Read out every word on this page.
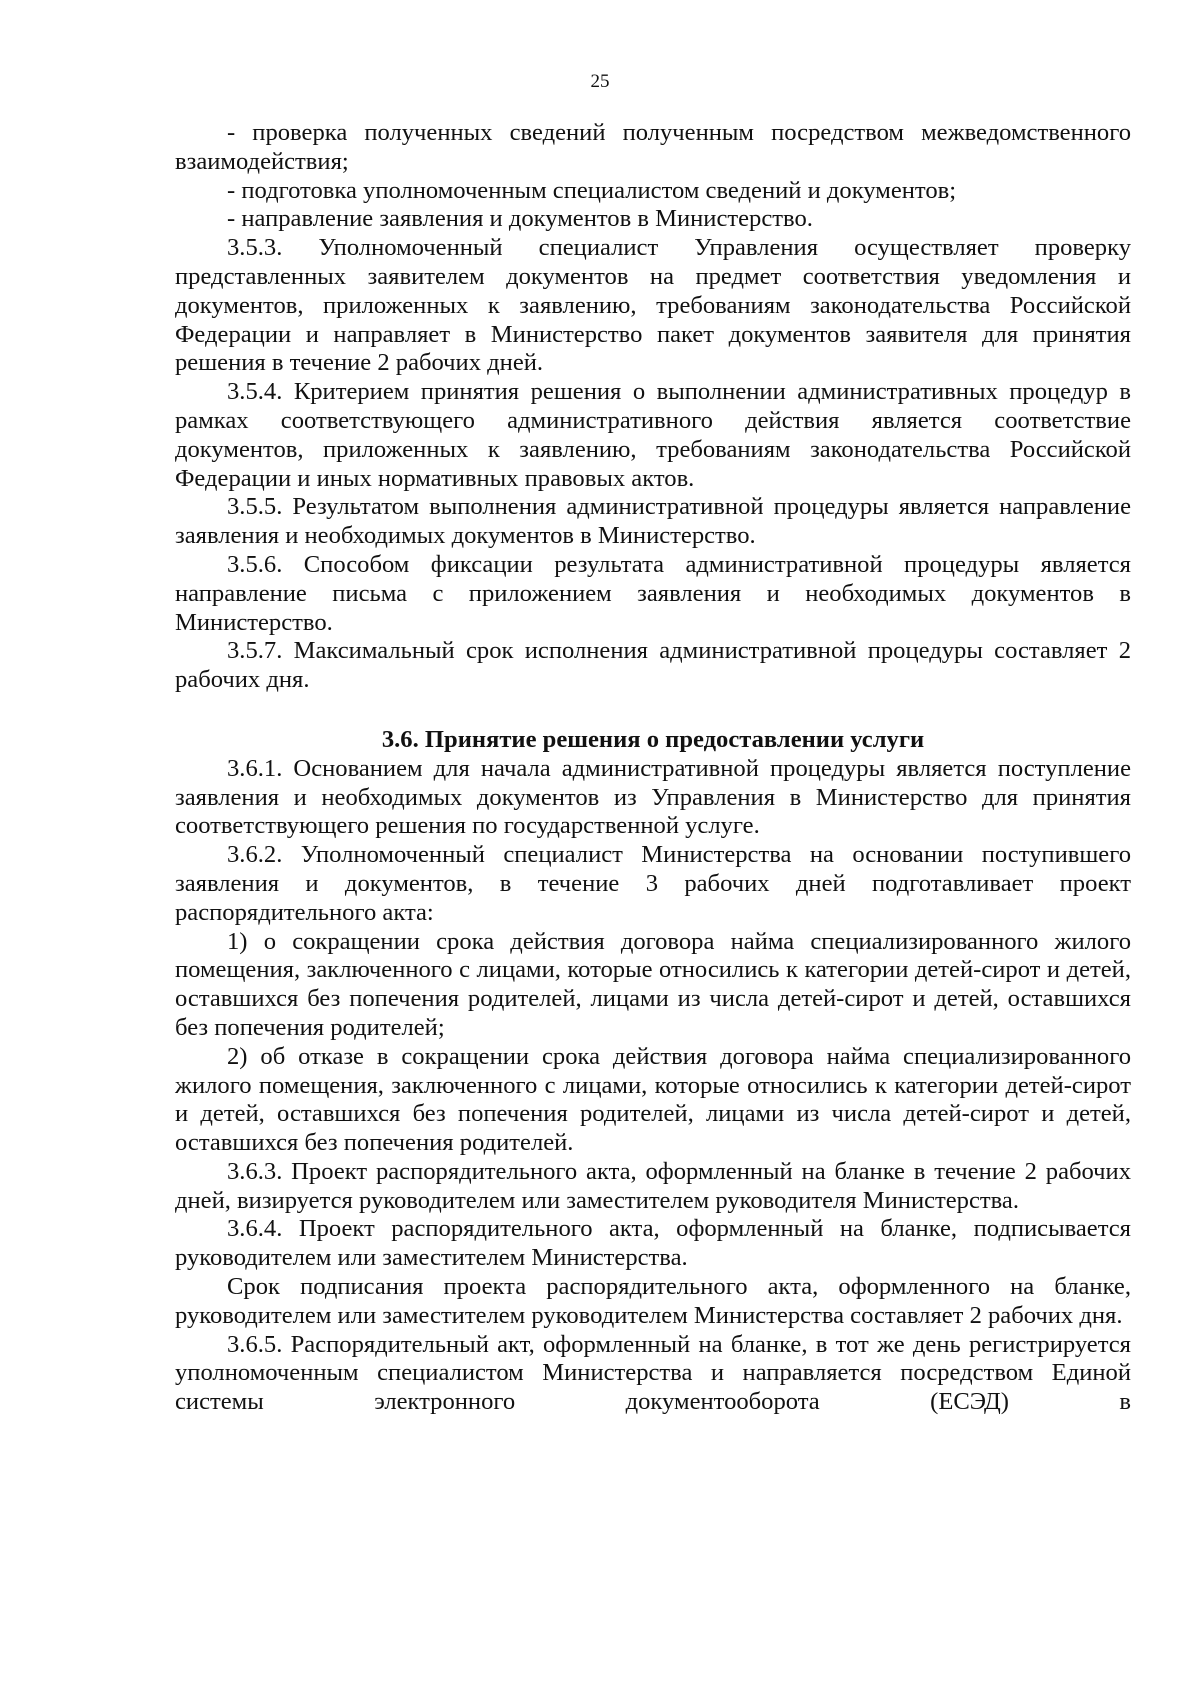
25

- проверка полученных сведений полученным посредством межведомственного взаимодействия;

- подготовка уполномоченным специалистом сведений и документов;

- направление заявления и документов в Министерство.

3.5.3. Уполномоченный специалист Управления осуществляет проверку представленных заявителем документов на предмет соответствия уведомления и документов, приложенных к заявлению, требованиям законодательства Российской Федерации и направляет в Министерство пакет документов заявителя для принятия решения в течение 2 рабочих дней.

3.5.4. Критерием принятия решения о выполнении административных процедур в рамках соответствующего административного действия является соответствие документов, приложенных к заявлению, требованиям законодательства Российской Федерации и иных нормативных правовых актов.

3.5.5. Результатом выполнения административной процедуры является направление заявления и необходимых документов в Министерство.

3.5.6. Способом фиксации результата административной процедуры является направление письма с приложением заявления и необходимых документов в Министерство.

3.5.7. Максимальный срок исполнения административной процедуры составляет 2 рабочих дня.

3.6. Принятие решения о предоставлении услуги

3.6.1. Основанием для начала административной процедуры является поступление заявления и необходимых документов из Управления в Министерство для принятия соответствующего решения по государственной услуге.

3.6.2. Уполномоченный специалист Министерства на основании поступившего заявления и документов, в течение 3 рабочих дней подготавливает проект распорядительного акта:

1) о сокращении срока действия договора найма специализированного жилого помещения, заключенного с лицами, которые относились к категории детей-сирот и детей, оставшихся без попечения родителей, лицами из числа детей-сирот и детей, оставшихся без попечения родителей;

2) об отказе в сокращении срока действия договора найма специализированного жилого помещения, заключенного с лицами, которые относились к категории детей-сирот и детей, оставшихся без попечения родителей, лицами из числа детей-сирот и детей, оставшихся без попечения родителей.

3.6.3. Проект распорядительного акта, оформленный на бланке в течение 2 рабочих дней, визируется руководителем или заместителем руководителя Министерства.

3.6.4. Проект распорядительного акта, оформленный на бланке, подписывается руководителем или заместителем Министерства.

Срок подписания проекта распорядительного акта, оформленного на бланке, руководителем или заместителем руководителем Министерства составляет 2 рабочих дня.

3.6.5. Распорядительный акт, оформленный на бланке, в тот же день регистрируется уполномоченным специалистом Министерства и направляется посредством Единой системы электронного документооборота (ЕСЭД) в
